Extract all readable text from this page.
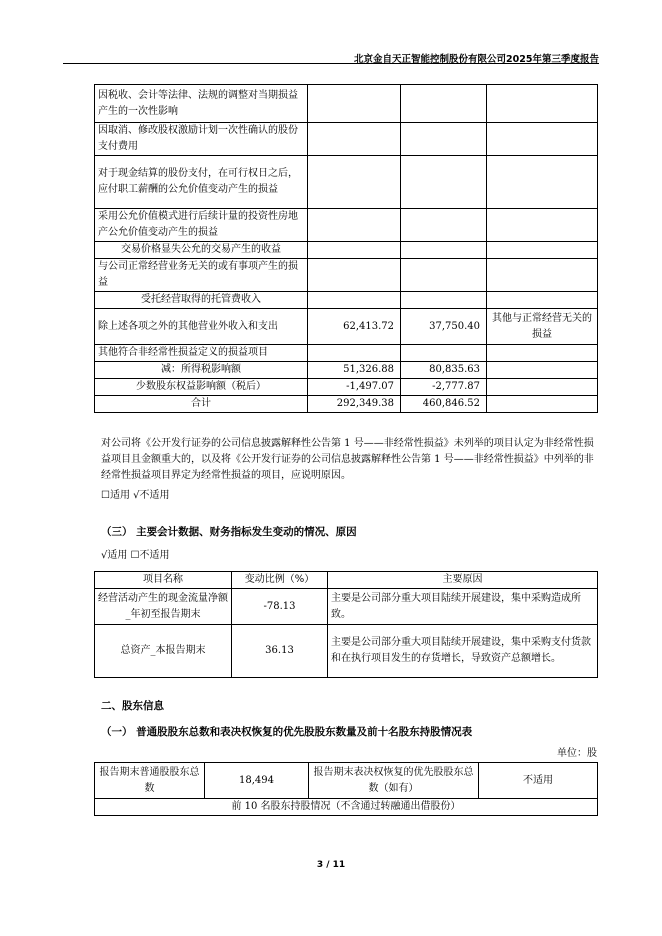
北京金自天正智能控制股份有限公司2025年第三季度报告
因税收、会计等法律、法规的调整对当期损益产生的一次性影响			
因取消、修改股权激励计划一次性确认的股份支付费用			
对于现金结算的股份支付，在可行权日之后，应付职工薪酬的公允价值变动产生的损益			
采用公允价值模式进行后续计量的投资性房地产公允价值变动产生的损益			
交易价格显失公允的交易产生的收益			
与公司正常经营业务无关的或有事项产生的损益			
受托经营取得的托管费收入			
除上述各项之外的其他营业外收入和支出	62,413.72	37,750.40	其他与正常经营无关的损益
其他符合非经常性损益定义的损益项目			
减：所得税影响额	51,326.88	80,835.63	
少数股东权益影响额（税后）	-1,497.07	-2,777.87	
合计	292,349.38	460,846.52	
对公司将《公开发行证券的公司信息披露解释性公告第 1 号——非经常性损益》未列举的项目认定为非经常性损益项目且金额重大的，以及将《公开发行证券的公司信息披露解释性公告第 1 号——非经常性损益》中列举的非经常性损益项目界定为经常性损益的项目，应说明原因。
☐适用 √不适用
（三） 主要会计数据、财务指标发生变动的情况、原因
√适用 ☐不适用
项目名称	变动比例（%）	主要原因
经营活动产生的现金流量净额_年初至报告期末	-78.13	主要是公司部分重大项目陆续开展建设，集中采购造成所致。
总资产_本报告期末	36.13	主要是公司部分重大项目陆续开展建设，集中采购支付货款和在执行项目发生的存货增长，导致资产总额增长。
二、股东信息
（一） 普通股股东总数和表决权恢复的优先股股东数量及前十名股东持股情况表
单位：股
报告期末普通股股东总数	18,494	报告期末表决权恢复的优先股股东总数（如有）	不适用
前 10 名股东持股情况（不含通过转融通出借股份）
3 / 11
